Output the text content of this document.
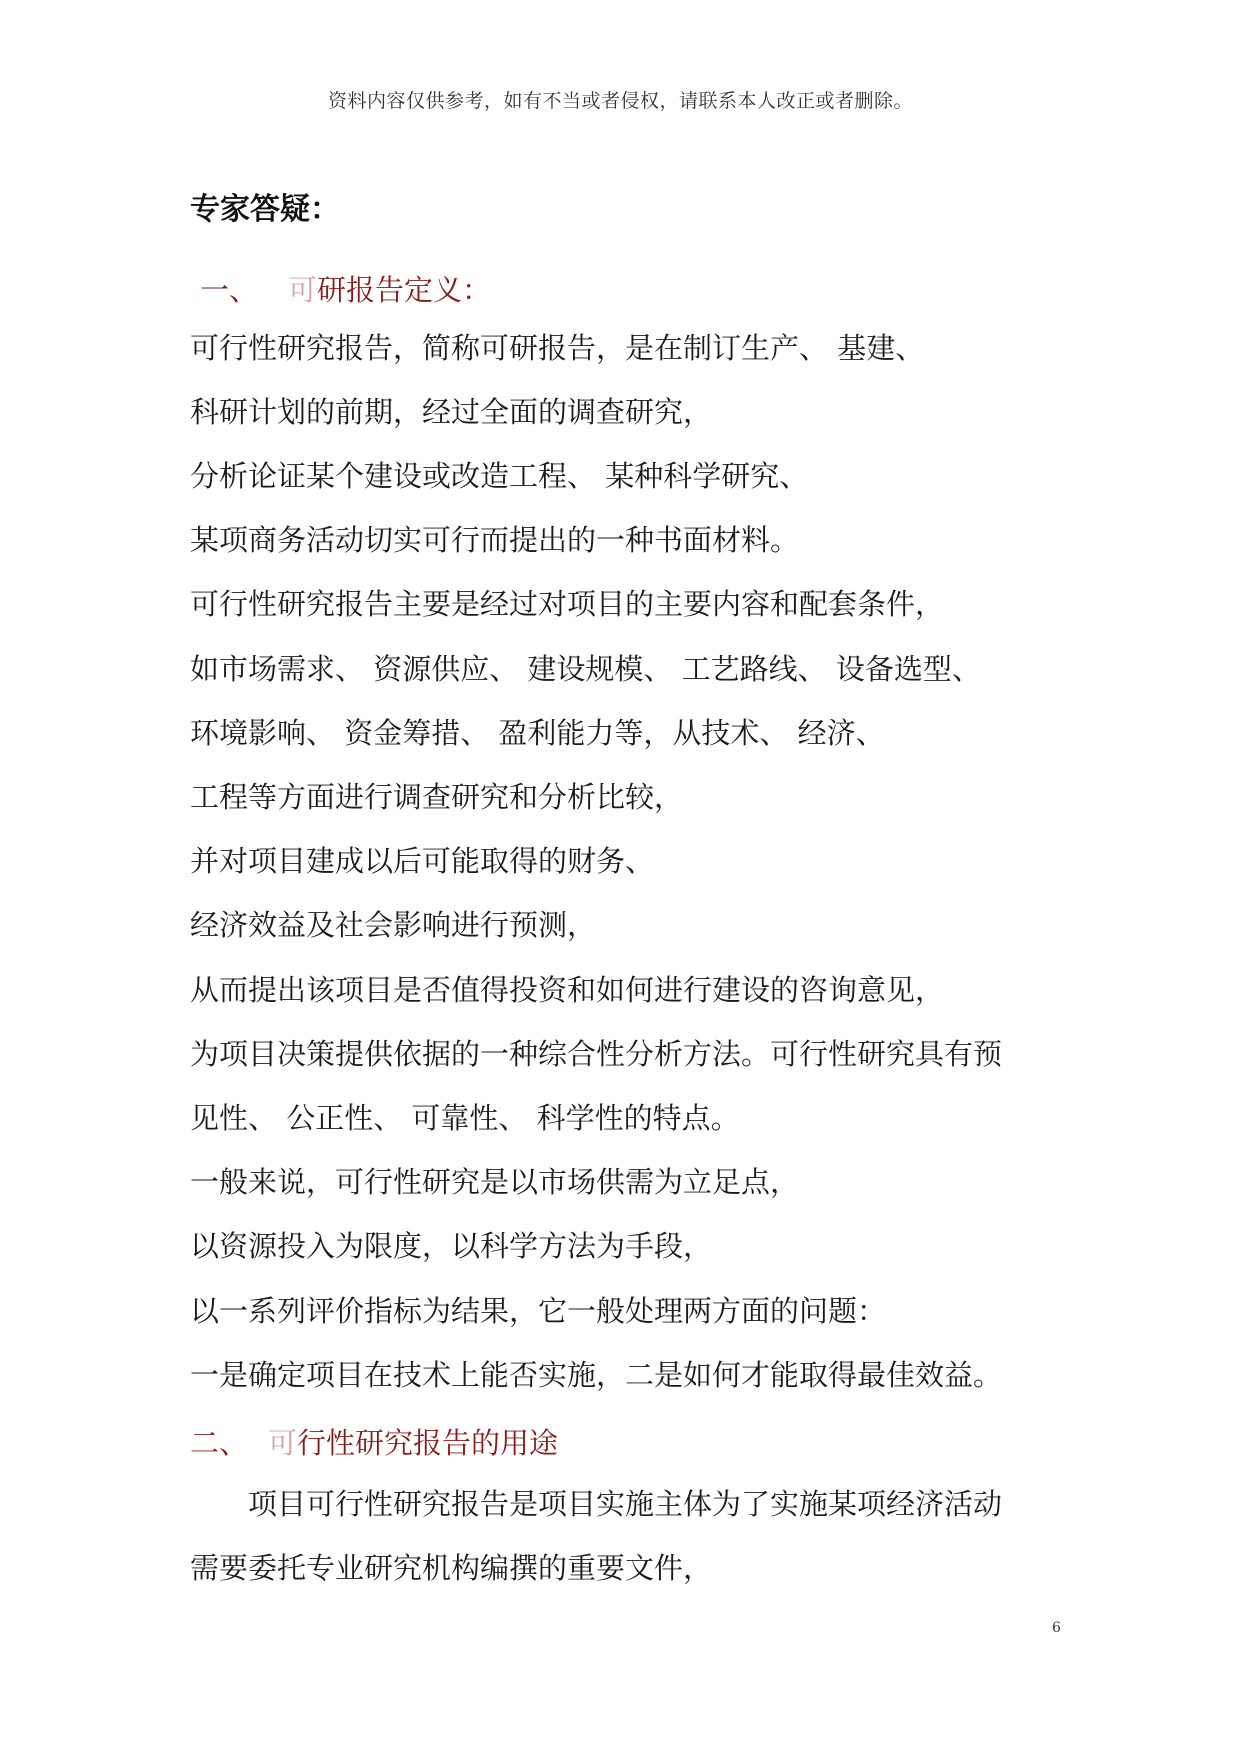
资料内容仅供参考，如有不当或者侵权，请联系本人改正或者删除。
专家答疑：
一、 可研报告定义：
可行性研究报告，简称可研报告，是在制订生产、 基建、
科研计划的前期，经过全面的调查研究，
分析论证某个建设或改造工程、 某种科学研究、
某项商务活动切实可行而提出的一种书面材料。
可行性研究报告主要是经过对项目的主要内容和配套条件，
如市场需求、 资源供应、 建设规模、 工艺路线、 设备选型、
环境影响、 资金筹措、 盈利能力等，从技术、 经济、
工程等方面进行调查研究和分析比较，
并对项目建成以后可能取得的财务、
经济效益及社会影响进行预测，
从而提出该项目是否值得投资和如何进行建设的咨询意见，
为项目决策提供依据的一种综合性分析方法。可行性研究具有预
见性、 公正性、 可靠性、 科学性的特点。
一般来说，可行性研究是以市场供需为立足点，
以资源投入为限度，以科学方法为手段，
以一系列评价指标为结果，它一般处理两方面的问题：
一是确定项目在技术上能否实施，二是如何才能取得最佳效益。
二、 可行性研究报告的用途
项目可行性研究报告是项目实施主体为了实施某项经济活动
需要委托专业研究机构编撰的重要文件，
6
